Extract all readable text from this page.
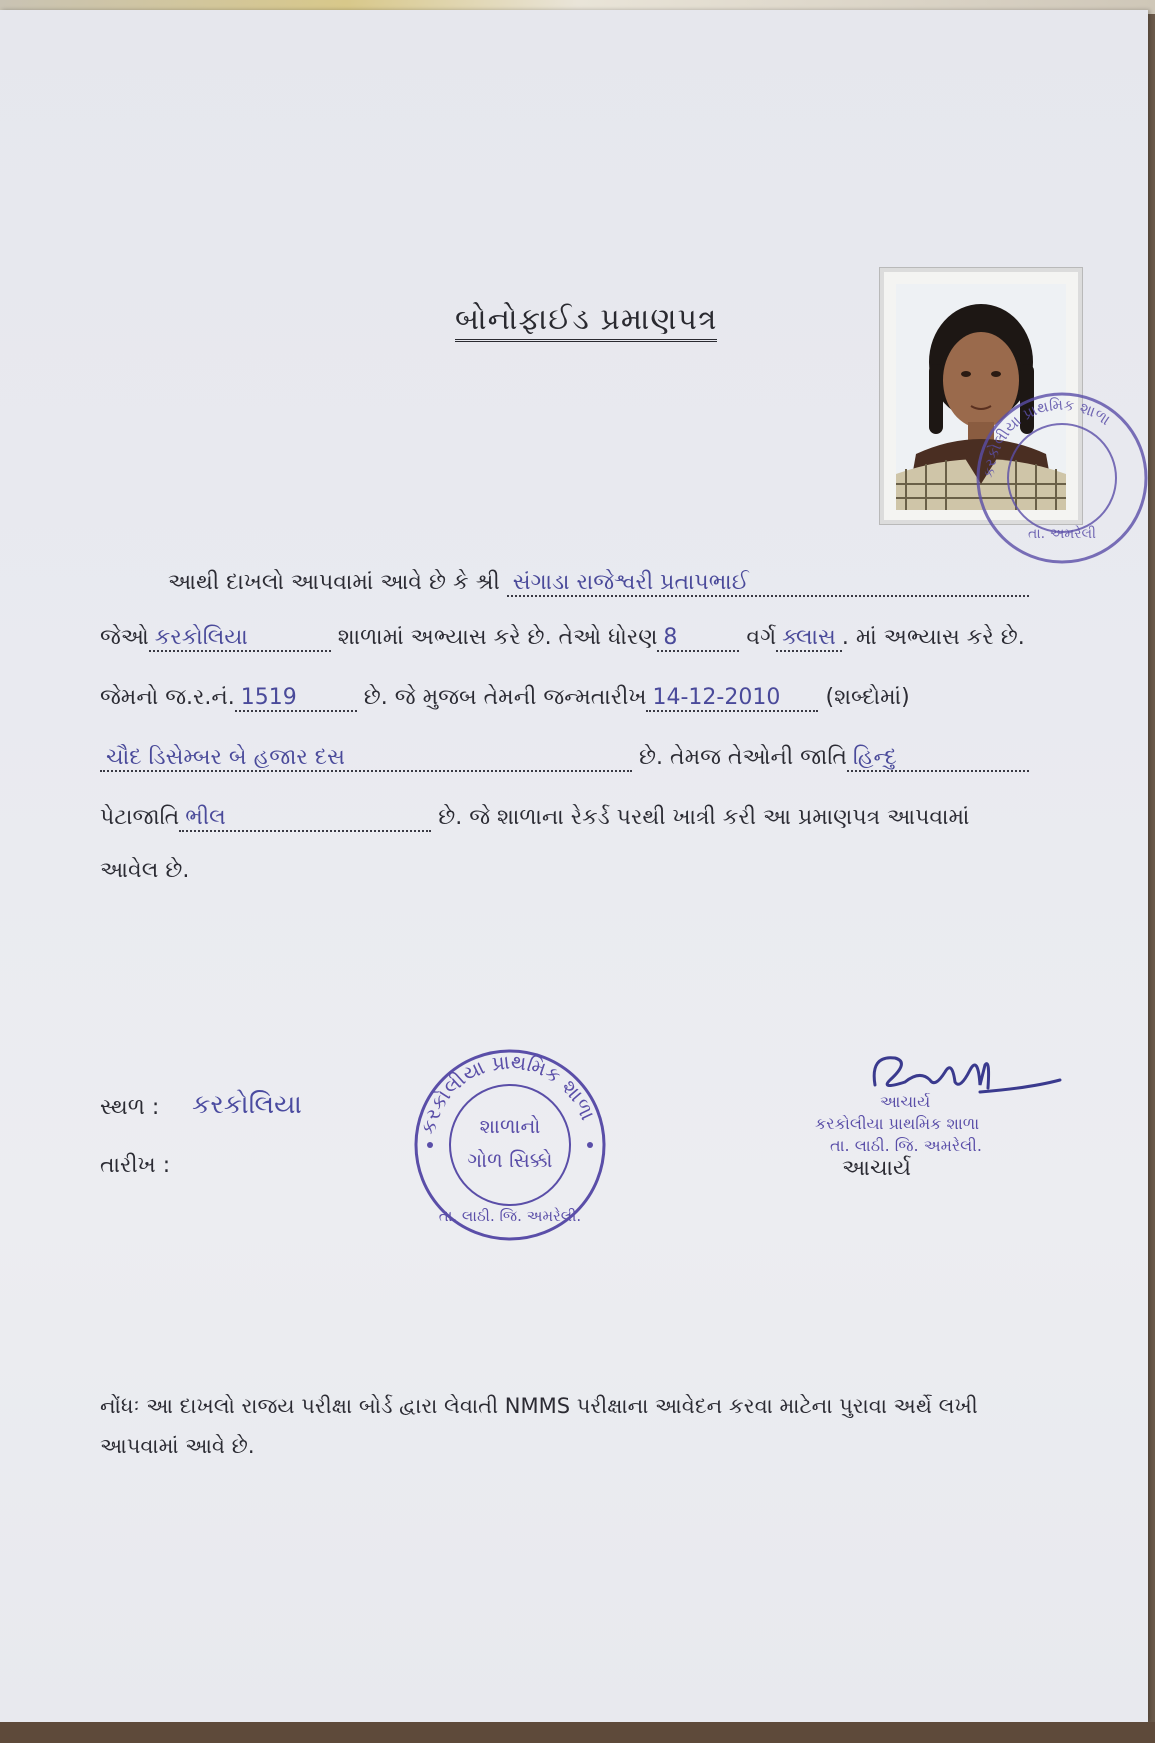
બોનોફાઈડ પ્રમાણપત્ર
કરકોલીયા પ્રાથમિક શાળા
તા. અમરેલી
આથી દાખલો આપવામાં આવે છે કે શ્રી સંગાડા રાજેશ્વરી પ્રતાપભાઈ
જેઓ કરકોલિયા	શાળામાં અભ્યાસ કરે છે. તેઓ ધોરણ 8	વર્ગ ક્લાસ . માં અભ્યાસ કરે છે.
જેમનો જ.ર.નં. 1519	છે. જે મુજબ તેમની જન્મતારીખ 14-12-2010 (શબ્દોમાં)
ચૌદ ડિસેમ્બર બે હજાર દસ	છે. તેમજ તેઓની જાતિ હિન્દુ
પેટાજાતિ ભીલ	છે. જે શાળાના રેકર્ડ પરથી ખાત્રી કરી આ પ્રમાણપત્ર આપવામાં
આવેલ છે.
સ્થળ : કરકોલિયા
તારીખ :
કરકોલીયા પ્રાથમિક શાળા
તા. લાઠી. જિ. અમરેલી.
શાળાનો
ગોળ સિક્કો
Rinkal
આચાર્ય
કરકોલીયા પ્રાથમિક શાળા
તા. લાઠી. જિ. અમરેલી.
આચાર્ય
નોંધઃ આ દાખલો રાજય પરીક્ષા બોર્ડ દ્વારા લેવાતી NMMS પરીક્ષાના આવેદન કરવા માટેના પુરાવા અર્થે લખી આપવામાં આવે છે.
